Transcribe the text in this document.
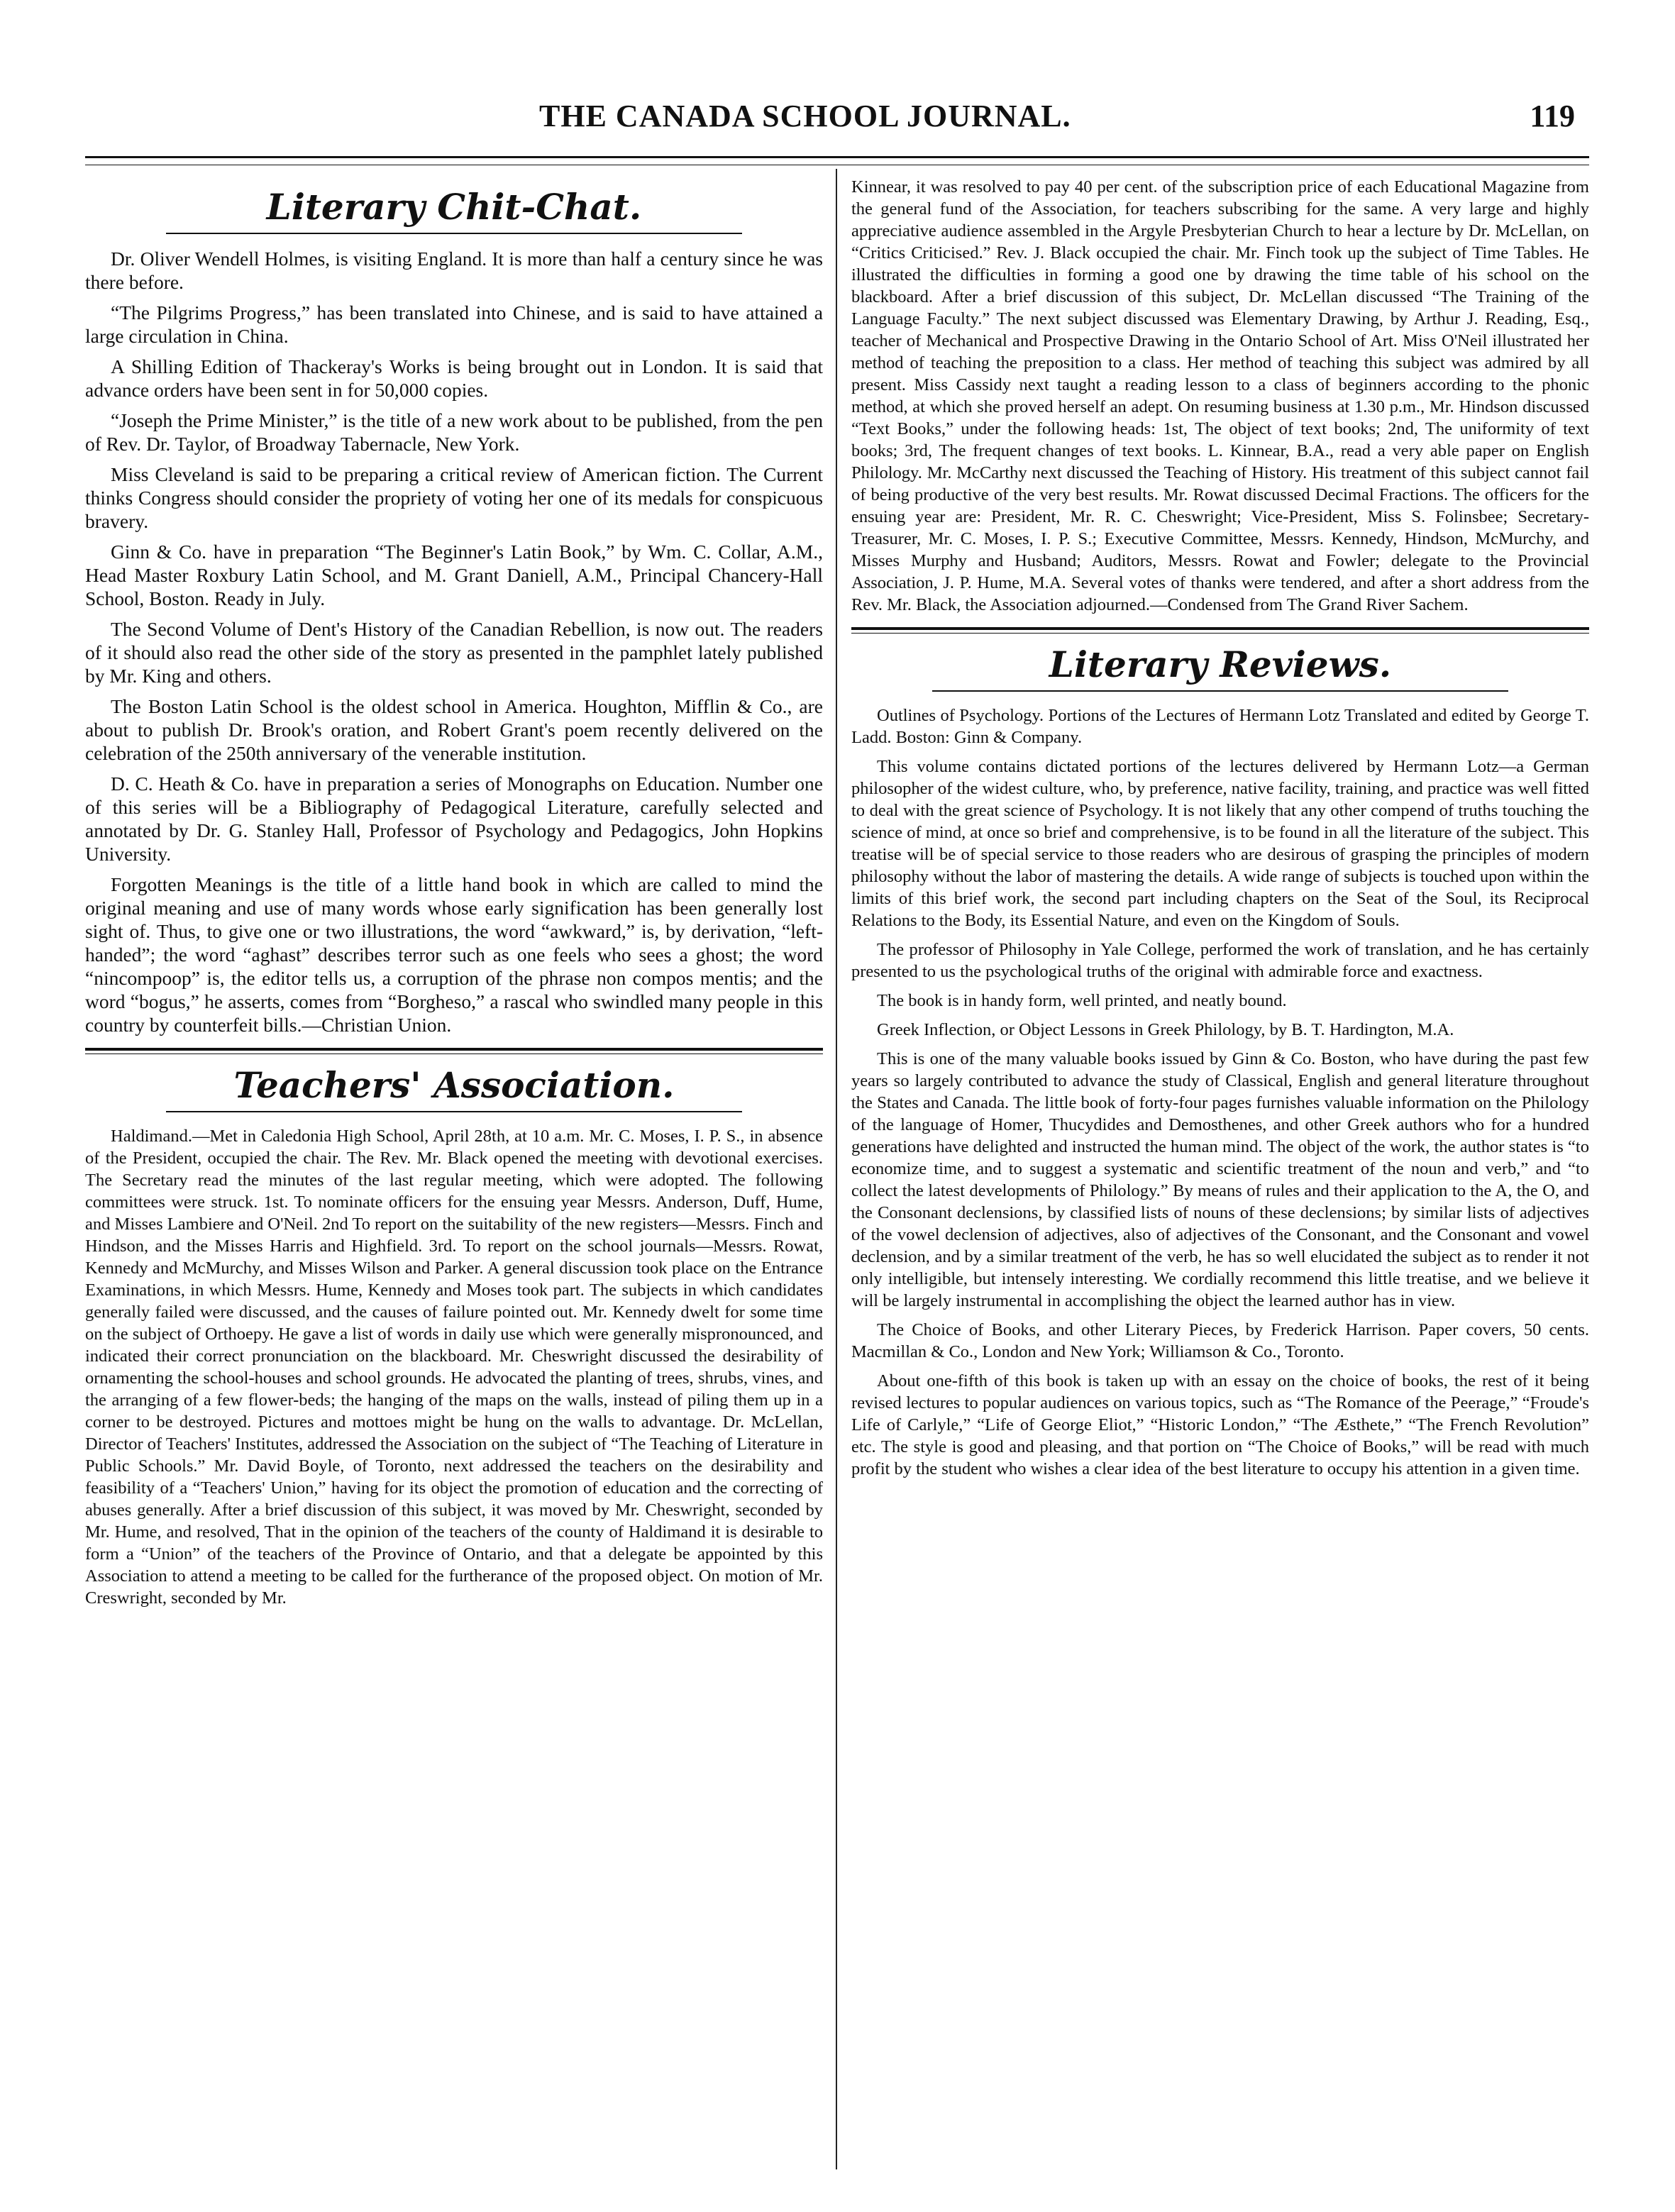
THE CANADA SCHOOL JOURNAL.	119
Literary Chit-Chat.

Dr. Oliver Wendell Holmes, is visiting England. It is more than half a century since he was there before.

“The Pilgrims Progress,” has been translated into Chinese, and is said to have attained a large circulation in China.

A Shilling Edition of Thackeray's Works is being brought out in London. It is said that advance orders have been sent in for 50,000 copies.

“Joseph the Prime Minister,” is the title of a new work about to be published, from the pen of Rev. Dr. Taylor, of Broadway Tabernacle, New York.

Miss Cleveland is said to be preparing a critical review of American fiction. The Current thinks Congress should consider the propriety of voting her one of its medals for conspicuous bravery.

Ginn & Co. have in preparation “The Beginner's Latin Book,” by Wm. C. Collar, A.M., Head Master Roxbury Latin School, and M. Grant Daniell, A.M., Principal Chancery-Hall School, Boston. Ready in July.

The Second Volume of Dent's History of the Canadian Rebellion, is now out. The readers of it should also read the other side of the story as presented in the pamphlet lately published by Mr. King and others.

The Boston Latin School is the oldest school in America. Houghton, Mifflin & Co., are about to publish Dr. Brook's oration, and Robert Grant's poem recently delivered on the celebration of the 250th anniversary of the venerable institution.

D. C. Heath & Co. have in preparation a series of Monographs on Education. Number one of this series will be a Bibliography of Pedagogical Literature, carefully selected and annotated by Dr. G. Stanley Hall, Professor of Psychology and Pedagogics, John Hopkins University.

Forgotten Meanings is the title of a little hand book in which are called to mind the original meaning and use of many words whose early signification has been generally lost sight of. Thus, to give one or two illustrations, the word “awkward,” is, by derivation, “left-handed”; the word “aghast” describes terror such as one feels who sees a ghost; the word “nincompoop” is, the editor tells us, a corruption of the phrase non compos mentis; and the word “bogus,” he asserts, comes from “Borgheso,” a rascal who swindled many people in this country by counterfeit bills.—Christian Union.

Teachers' Association.

Haldimand.—Met in Caledonia High School, April 28th, at 10 a.m. Mr. C. Moses, I. P. S., in absence of the President, occupied the chair. The Rev. Mr. Black opened the meeting with devotional exercises. The Secretary read the minutes of the last regular meeting, which were adopted. The following committees were struck. 1st. To nominate officers for the ensuing year Messrs. Anderson, Duff, Hume, and Misses Lambiere and O'Neil. 2nd To report on the suitability of the new registers—Messrs. Finch and Hindson, and the Misses Harris and Highfield. 3rd. To report on the school journals—Messrs. Rowat, Kennedy and McMurchy, and Misses Wilson and Parker. A general discussion took place on the Entrance Examinations, in which Messrs. Hume, Kennedy and Moses took part. The subjects in which candidates generally failed were discussed, and the causes of failure pointed out. Mr. Kennedy dwelt for some time on the subject of Orthoepy. He gave a list of words in daily use which were generally mispronounced, and indicated their correct pronunciation on the blackboard. Mr. Cheswright discussed the desirability of ornamenting the school-houses and school grounds. He advocated the planting of trees, shrubs, vines, and the arranging of a few flower-beds; the hanging of the maps on the walls, instead of piling them up in a corner to be destroyed. Pictures and mottoes might be hung on the walls to advantage. Dr. McLellan, Director of Teachers' Institutes, addressed the Association on the subject of “The Teaching of Literature in Public Schools.” Mr. David Boyle, of Toronto, next addressed the teachers on the desirability and feasibility of a “Teachers' Union,” having for its object the promotion of education and the correcting of abuses generally. After a brief discussion of this subject, it was moved by Mr. Cheswright, seconded by Mr. Hume, and resolved, That in the opinion of the teachers of the county of Haldimand it is desirable to form a “Union” of the teachers of the Province of Ontario, and that a delegate be appointed by this Association to attend a meeting to be called for the furtherance of the proposed object. On motion of Mr. Creswright, seconded by Mr.

Kinnear, it was resolved to pay 40 per cent. of the subscription price of each Educational Magazine from the general fund of the Association, for teachers subscribing for the same. A very large and highly appreciative audience assembled in the Argyle Presbyterian Church to hear a lecture by Dr. McLellan, on “Critics Criticised.” Rev. J. Black occupied the chair. Mr. Finch took up the subject of Time Tables. He illustrated the difficulties in forming a good one by drawing the time table of his school on the blackboard. After a brief discussion of this subject, Dr. McLellan discussed “The Training of the Language Faculty.” The next subject discussed was Elementary Drawing, by Arthur J. Reading, Esq., teacher of Mechanical and Prospective Drawing in the Ontario School of Art. Miss O'Neil illustrated her method of teaching the preposition to a class. Her method of teaching this subject was admired by all present. Miss Cassidy next taught a reading lesson to a class of beginners according to the phonic method, at which she proved herself an adept. On resuming business at 1.30 p.m., Mr. Hindson discussed “Text Books,” under the following heads: 1st, The object of text books; 2nd, The uniformity of text books; 3rd, The frequent changes of text books. L. Kinnear, B.A., read a very able paper on English Philology. Mr. McCarthy next discussed the Teaching of History. His treatment of this subject cannot fail of being productive of the very best results. Mr. Rowat discussed Decimal Fractions. The officers for the ensuing year are: President, Mr. R. C. Cheswright; Vice-President, Miss S. Folinsbee; Secretary-Treasurer, Mr. C. Moses, I. P. S.; Executive Committee, Messrs. Kennedy, Hindson, McMurchy, and Misses Murphy and Husband; Auditors, Messrs. Rowat and Fowler; delegate to the Provincial Association, J. P. Hume, M.A. Several votes of thanks were tendered, and after a short address from the Rev. Mr. Black, the Association adjourned.—Condensed from The Grand River Sachem.

Literary Reviews.

Outlines of Psychology. Portions of the Lectures of Hermann Lotz Translated and edited by George T. Ladd. Boston: Ginn & Company.

This volume contains dictated portions of the lectures delivered by Hermann Lotz—a German philosopher of the widest culture, who, by preference, native facility, training, and practice was well fitted to deal with the great science of Psychology. It is not likely that any other compend of truths touching the science of mind, at once so brief and comprehensive, is to be found in all the literature of the subject. This treatise will be of special service to those readers who are desirous of grasping the principles of modern philosophy without the labor of mastering the details. A wide range of subjects is touched upon within the limits of this brief work, the second part including chapters on the Seat of the Soul, its Reciprocal Relations to the Body, its Essential Nature, and even on the Kingdom of Souls.

The professor of Philosophy in Yale College, performed the work of translation, and he has certainly presented to us the psychological truths of the original with admirable force and exactness.

The book is in handy form, well printed, and neatly bound.

Greek Inflection, or Object Lessons in Greek Philology, by B. T. Hardington, M.A.

This is one of the many valuable books issued by Ginn & Co. Boston, who have during the past few years so largely contributed to advance the study of Classical, English and general literature throughout the States and Canada. The little book of forty-four pages furnishes valuable information on the Philology of the language of Homer, Thucydides and Demosthenes, and other Greek authors who for a hundred generations have delighted and instructed the human mind. The object of the work, the author states is “to economize time, and to suggest a systematic and scientific treatment of the noun and verb,” and “to collect the latest developments of Philology.” By means of rules and their application to the A, the O, and the Consonant declensions, by classified lists of nouns of these declensions; by similar lists of adjectives of the vowel declension of adjectives, also of adjectives of the Consonant, and the Consonant and vowel declension, and by a similar treatment of the verb, he has so well elucidated the subject as to render it not only intelligible, but intensely interesting. We cordially recommend this little treatise, and we believe it will be largely instrumental in accomplishing the object the learned author has in view.

The Choice of Books, and other Literary Pieces, by Frederick Harrison. Paper covers, 50 cents. Macmillan & Co., London and New York; Williamson & Co., Toronto.

About one-fifth of this book is taken up with an essay on the choice of books, the rest of it being revised lectures to popular audiences on various topics, such as “The Romance of the Peerage,” “Froude's Life of Carlyle,” “Life of George Eliot,” “Historic London,” “The Æsthete,” “The French Revolution” etc. The style is good and pleasing, and that portion on “The Choice of Books,” will be read with much profit by the student who wishes a clear idea of the best literature to occupy his attention in a given time.
